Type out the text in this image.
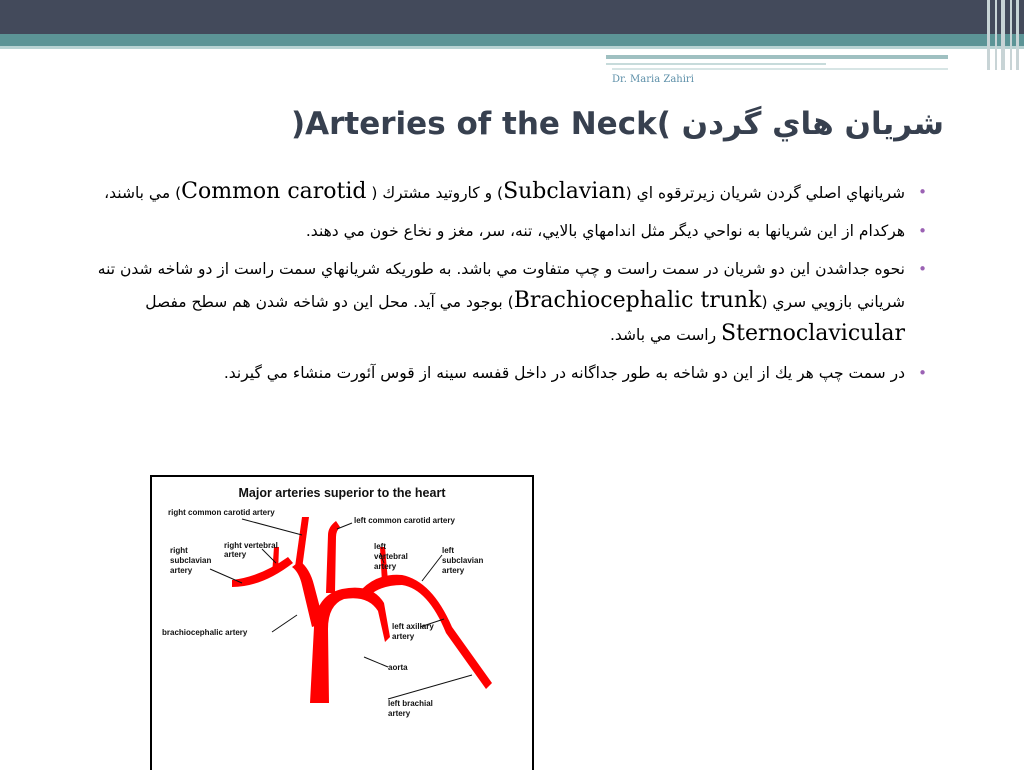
Dr. Maria Zahiri
شريان هاي گردن )Arteries of the Neck(
•
شريانهاي اصلي گردن شريان زيرترقوه اي (Subclavian) و كاروتيد مشترك ( Common carotid) مي باشند،
•
هركدام از اين شريانها به نواحي ديگر مثل اندامهاي بالايي، تنه، سر، مغز و نخاع خون مي دهند.
•
نحوه جداشدن اين دو شريان در سمت راست و چپ متفاوت مي باشد. به طوريكه شريانهاي سمت راست از دو شاخه شدن تنه شرياني بازويي سري (Brachiocephalic trunk) بوجود مي آيد. محل اين دو شاخه شدن هم سطح مفصل Sternoclavicular راست مي باشد.
•
در سمت چپ هر يك از اين دو شاخه به طور جداگانه در داخل قفسه سينه از قوس آئورت منشاء مي گيرند.
Major arteries superior to the heart
right common carotid artery
left common carotid artery
right vertebral
artery
right
subclavian
artery
left
vertebral
artery
left
subclavian
artery
brachiocephalic artery
left axillary
artery
aorta
left brachial
artery
